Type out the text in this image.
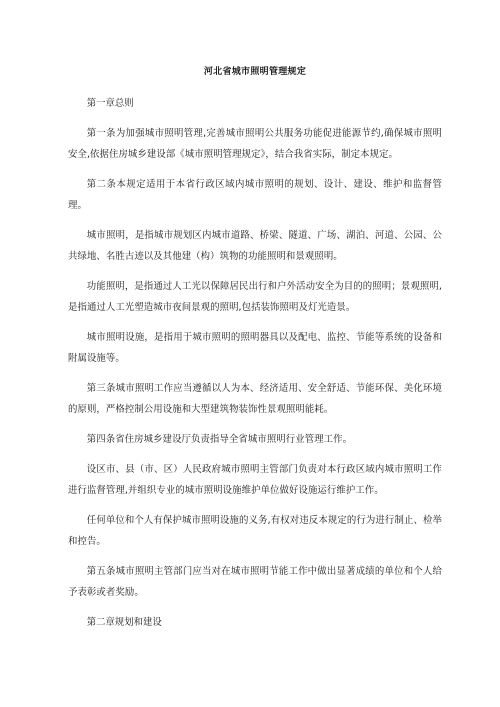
河北省城市照明管理规定
第一章总则
第一条为加强城市照明管理,完善城市照明公共服务功能促进能源节约,确保城市照明安全,依据住房城乡建设部《城市照明管理规定》，结合我省实际，制定本规定。
第二条本规定适用于本省行政区域内城市照明的规划、设计、建设、维护和监督管理。
城市照明，是指城市规划区内城市道路、桥梁、隧道、广场、湖泊、河道、公园、公共绿地、名胜古迹以及其他建（构）筑物的功能照明和景观照明。
功能照明，是指通过人工光以保障居民出行和户外活动安全为目的的照明；景观照明,是指通过人工光塑造城市夜间景观的照明,包括装饰照明及灯光造景。
城市照明设施，是指用于城市照明的照明器具以及配电、监控、节能等系统的设备和附属设施等。
第三条城市照明工作应当遵循以人为本、经济适用、安全舒适、节能环保、美化环境的原则，严格控制公用设施和大型建筑物装饰性景观照明能耗。
第四条省住房城乡建设厅负责指导全省城市照明行业管理工作。
设区市、县（市、区）人民政府城市照明主管部门负责对本行政区域内城市照明工作进行监督管理,并组织专业的城市照明设施维护单位做好设施运行维护工作。
任何单位和个人有保护城市照明设施的义务,有权对违反本规定的行为进行制止、检举和控告。
第五条城市照明主管部门应当对在城市照明节能工作中做出显著成绩的单位和个人给予表彰或者奖励。
第二章规划和建设
